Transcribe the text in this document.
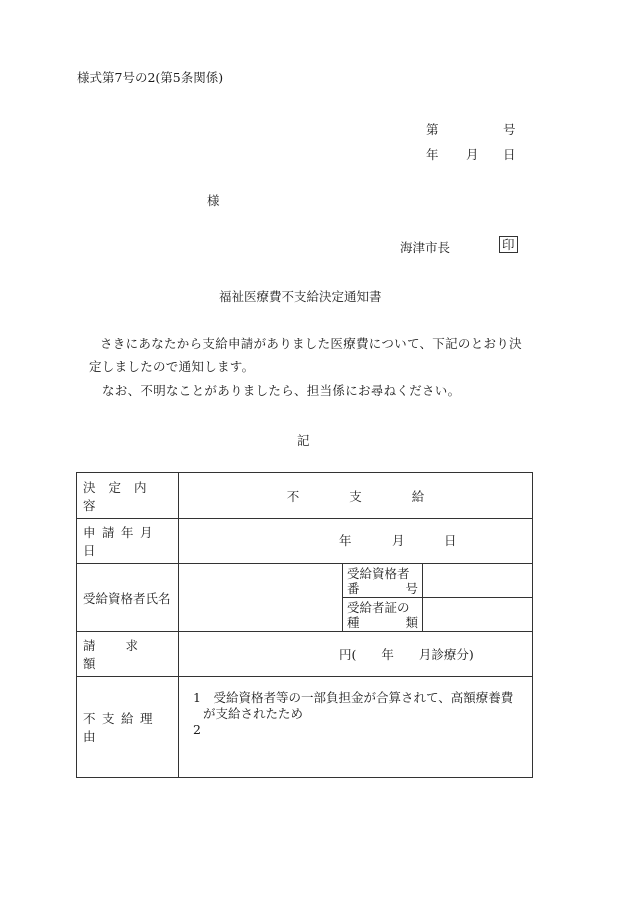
様式第7号の2(第5条関係)
第	号
年 月 日
様
海津市長	印
福祉医療費不支給決定通知書
さきにあなたから支給申請がありました医療費について、下記のとおり決
定しましたので通知します。
なお、不明なことがありましたら、担当係にお尋ねください。
記
決定内容	不支給		

申請年月日	年 月 日		

受給資格者氏名		受給資格者
番 号	

		受給者証の
種 類	

請求額	円(　　年　　月診療分)		

不支給理由	1　受給資格者等の一部負担金が合算されて、高額療養費
が支給されたため
2		
